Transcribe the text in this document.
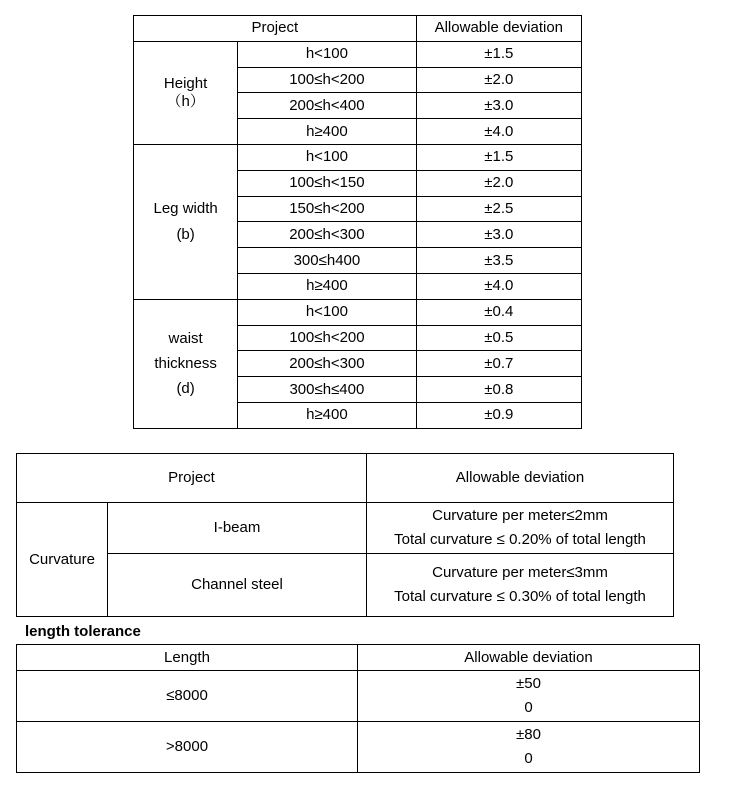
Project		Allowable deviation

Height
（h）	h<100	±1.5
	100≤h<200	±2.0
	200≤h<400	±3.0
	h≥400	±4.0

Leg width
(b)	h<100	±1.5
	100≤h<150	±2.0
	150≤h<200	±2.5
	200≤h<300	±3.0
	300≤h400	±3.5
	h≥400	±4.0

waist
thickness
(d)	h<100	±0.4
	100≤h<200	±0.5
	200≤h<300	±0.7
	300≤h≤400	±0.8
	h≥400	±0.9
Project		Allowable deviation
Curvature	I-beam	Curvature per meter≤2mm
Total curvature ≤ 0.20% of total length

	Channel steel	Curvature per meter≤3mm
Total curvature ≤ 0.30% of total length
length tolerance
Length	Allowable deviation
≤8000	±50
0

>8000	±80
0
